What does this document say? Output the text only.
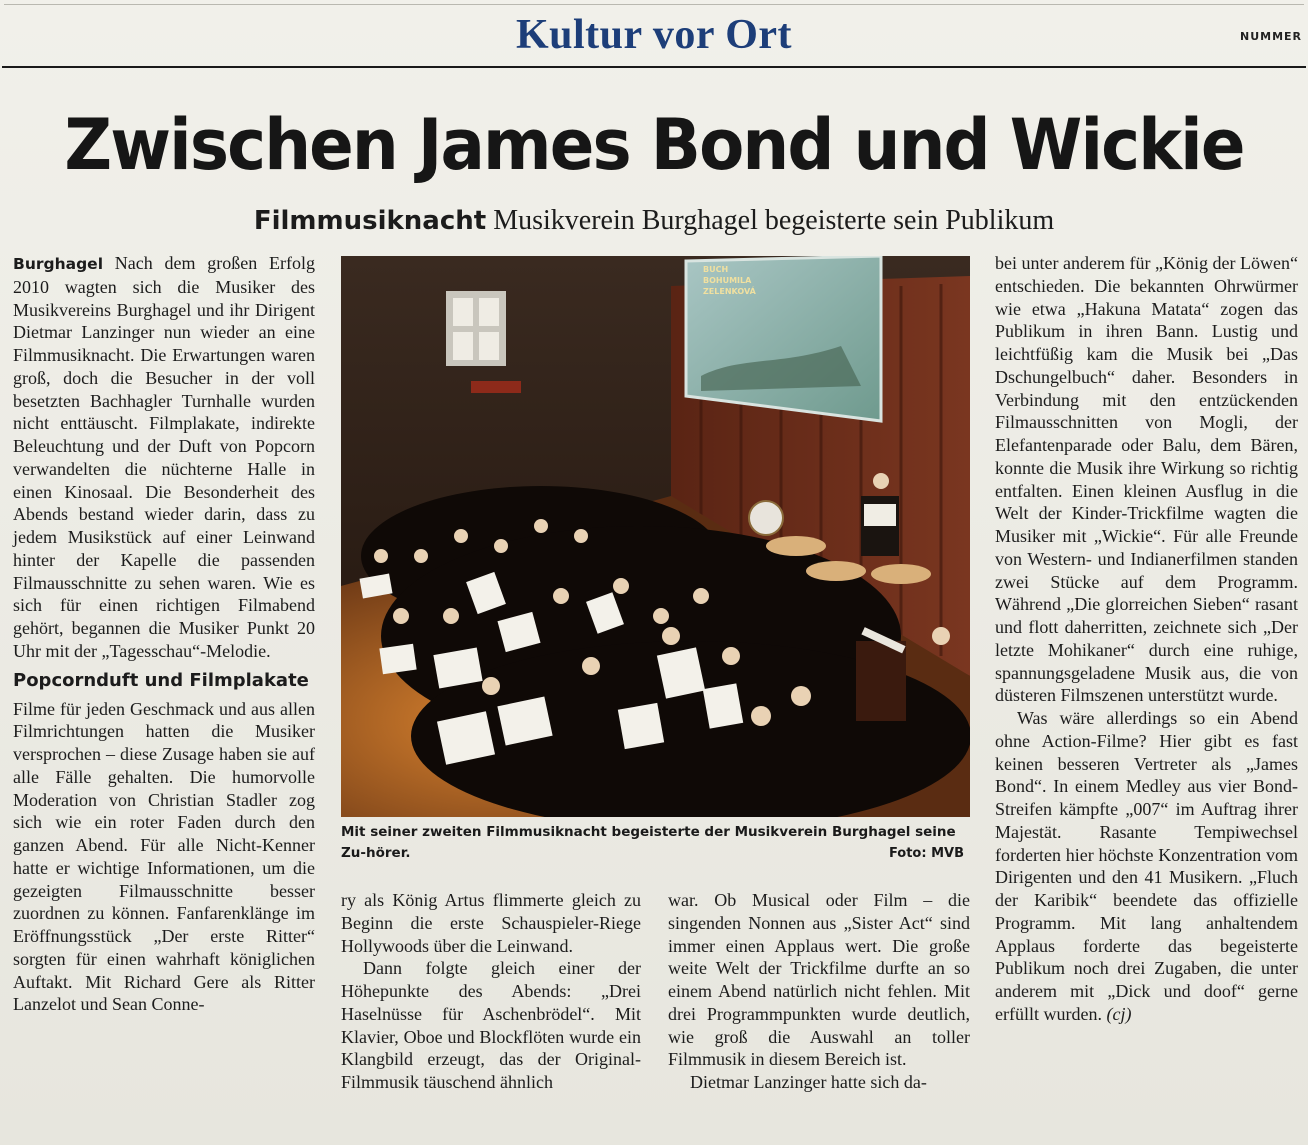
Kultur vor Ort	NUMMER
Zwischen James Bond und Wickie
Filmmusiknacht Musikverein Burghagel begeisterte sein Publikum

Burghagel Nach dem großen Erfolg 2010 wagten sich die Musiker des Musikvereins Burghagel und ihr Dirigent Dietmar Lanzinger nun wieder an eine Filmmusiknacht. Die Erwartungen waren groß, doch die Besucher in der voll besetzten Bachhagler Turnhalle wurden nicht enttäuscht. Filmplakate, indirekte Beleuchtung und der Duft von Popcorn verwandelten die nüchterne Halle in einen Kinosaal. Die Besonderheit des Abends bestand wieder darin, dass zu jedem Musikstück auf einer Leinwand hinter der Kapelle die passenden Filmausschnitte zu sehen waren. Wie es sich für einen richtigen Filmabend gehört, begannen die Musiker Punkt 20 Uhr mit der „Tagesschau“-Melodie.

Popcornduft und Filmplakate

Filme für jeden Geschmack und aus allen Filmrichtungen hatten die Musiker versprochen – diese Zusage haben sie auf alle Fälle gehalten. Die humorvolle Moderation von Christian Stadler zog sich wie ein roter Faden durch den ganzen Abend. Für alle Nicht-Kenner hatte er wichtige Informationen, um die gezeigten Filmausschnitte besser zuordnen zu können. Fanfarenklänge im Eröffnungsstück „Der erste Ritter“ sorgten für einen wahrhaft königlichen Auftakt. Mit Richard Gere als Ritter Lanzelot und Sean Conne-

BUCH
BOHUMILA
ZELENKOVÁ
Mit seiner zweiten Filmmusiknacht begeisterte der Musikverein Burghagel seine Zu-hörer.	Foto: MVB

ry als König Artus flimmerte gleich zu Beginn die erste Schauspieler-Riege Hollywoods über die Leinwand.

Dann folgte gleich einer der Höhepunkte des Abends: „Drei Haselnüsse für Aschenbrödel“. Mit Klavier, Oboe und Blockflöten wurde ein Klangbild erzeugt, das der Original-Filmmusik täuschend ähnlich

war. Ob Musical oder Film – die singenden Nonnen aus „Sister Act“ sind immer einen Applaus wert. Die große weite Welt der Trickfilme durfte an so einem Abend natürlich nicht fehlen. Mit drei Programmpunkten wurde deutlich, wie groß die Auswahl an toller Filmmusik in diesem Bereich ist.

Dietmar Lanzinger hatte sich da-

bei unter anderem für „König der Löwen“ entschieden. Die bekannten Ohrwürmer wie etwa „Hakuna Matata“ zogen das Publikum in ihren Bann. Lustig und leichtfüßig kam die Musik bei „Das Dschungelbuch“ daher. Besonders in Verbindung mit den entzückenden Filmausschnitten von Mogli, der Elefantenparade oder Balu, dem Bären, konnte die Musik ihre Wirkung so richtig entfalten. Einen kleinen Ausflug in die Welt der Kinder-Trickfilme wagten die Musiker mit „Wickie“. Für alle Freunde von Western- und Indianerfilmen standen zwei Stücke auf dem Programm. Während „Die glorreichen Sieben“ rasant und flott daherritten, zeichnete sich „Der letzte Mohikaner“ durch eine ruhige, spannungsgeladene Musik aus, die von düsteren Filmszenen unterstützt wurde.

Was wäre allerdings so ein Abend ohne Action-Filme? Hier gibt es fast keinen besseren Vertreter als „James Bond“. In einem Medley aus vier Bond-Streifen kämpfte „007“ im Auftrag ihrer Majestät. Rasante Tempiwechsel forderten hier höchste Konzentration vom Dirigenten und den 41 Musikern. „Fluch der Karibik“ beendete das offizielle Programm. Mit lang anhaltendem Applaus forderte das begeisterte Publikum noch drei Zugaben, die unter anderem mit „Dick und doof“ gerne erfüllt wurden. (cj)
